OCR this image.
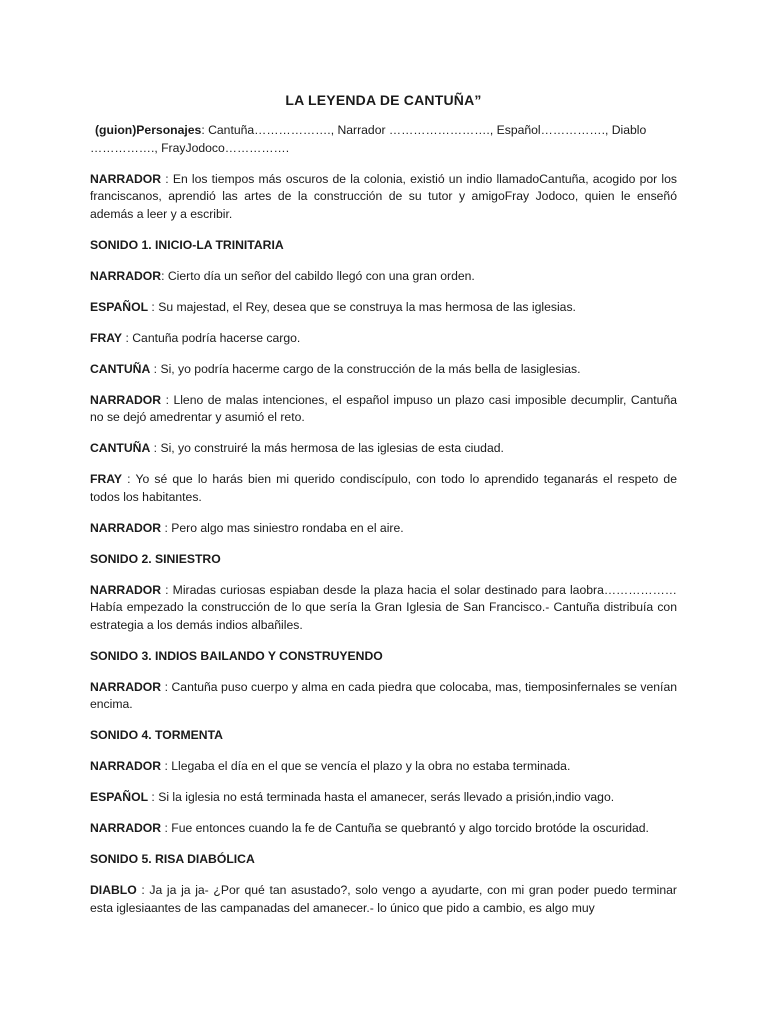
LA LEYENDA DE CANTUÑA”
(guion)Personajes: Cantuña………………., Narrador ……………………., Español……………., Diablo ……………., FrayJodoco…………….
NARRADOR : En los tiempos más oscuros de la colonia, existió un indio llamadoCantuña, acogido por los franciscanos, aprendió las artes de la construcción de su tutor y amigoFray Jodoco, quien le enseñó además a leer y a escribir.
SONIDO 1. INICIO-LA TRINITARIA
NARRADOR: Cierto día un señor del cabildo llegó con una gran orden.
ESPAÑOL : Su majestad, el Rey, desea que se construya la mas hermosa de las iglesias.
FRAY : Cantuña podría hacerse cargo.
CANTUÑA : Si, yo podría hacerme cargo de la construcción de la más bella de lasiglesias.
NARRADOR : Lleno de malas intenciones, el español impuso un plazo casi imposible decumplir, Cantuña no se dejó amedrentar y asumió el reto.
CANTUÑA : Si, yo construiré la más hermosa de las iglesias de esta ciudad.
FRAY : Yo sé que lo harás bien mi querido condiscípulo, con todo lo aprendido teganarás el respeto de todos los habitantes.
NARRADOR : Pero algo mas siniestro rondaba en el aire.
SONIDO 2. SINIESTRO
NARRADOR : Miradas curiosas espiaban desde la plaza hacia el solar destinado para laobra……………… Había empezado la construcción de lo que sería la Gran Iglesia de San Francisco.- Cantuña distribuía con estrategia a los demás indios albañiles.
SONIDO 3. INDIOS BAILANDO Y CONSTRUYENDO
NARRADOR : Cantuña puso cuerpo y alma en cada piedra que colocaba, mas, tiemposinfernales se venían encima.
SONIDO 4. TORMENTA
NARRADOR : Llegaba el día en el que se vencía el plazo y la obra no estaba terminada.
ESPAÑOL : Si la iglesia no está terminada hasta el amanecer, serás llevado a prisión,indio vago.
NARRADOR : Fue entonces cuando la fe de Cantuña se quebrantó y algo torcido brotóde la oscuridad.
SONIDO 5. RISA DIABÓLICA
DIABLO : Ja ja ja ja- ¿Por qué tan asustado?, solo vengo a ayudarte, con mi gran poder puedo terminar esta iglesiaantes de las campanadas del amanecer.- lo único que pido a cambio, es algo muy
